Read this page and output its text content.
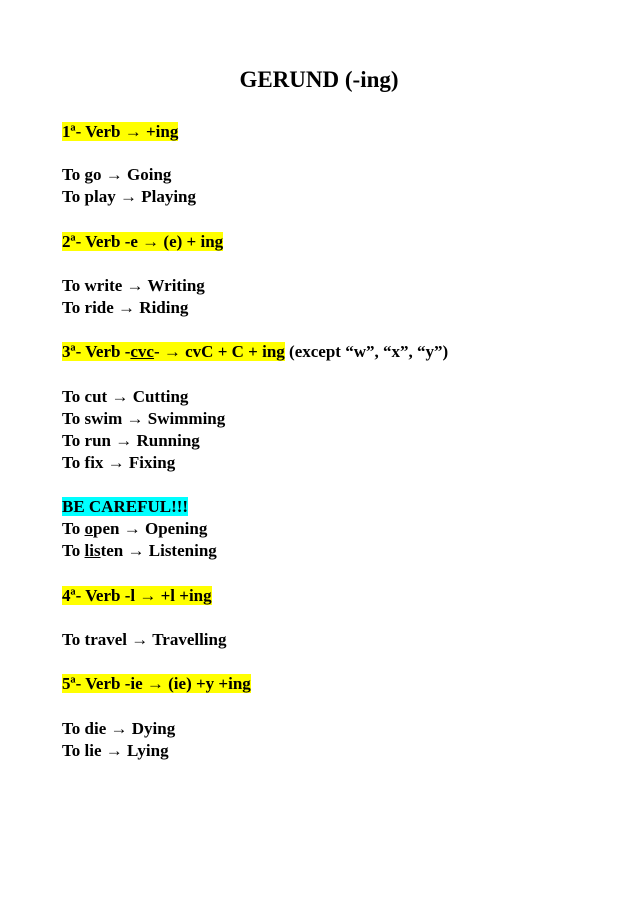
GERUND (-ing)
1ª- Verb → +ing
To go → Going
To play → Playing
2ª- Verb -e → (e) + ing
To write → Writing
To ride → Riding
3ª- Verb -cvc- → cvC + C + ing (except “w”, “x”, “y”)
To cut → Cutting
To swim → Swimming
To run → Running
To fix → Fixing
BE CAREFUL!!!
To open → Opening
To listen → Listening
4ª- Verb -l → +l +ing
To travel → Travelling
5ª- Verb -ie → (ie) +y +ing
To die → Dying
To lie → Lying
